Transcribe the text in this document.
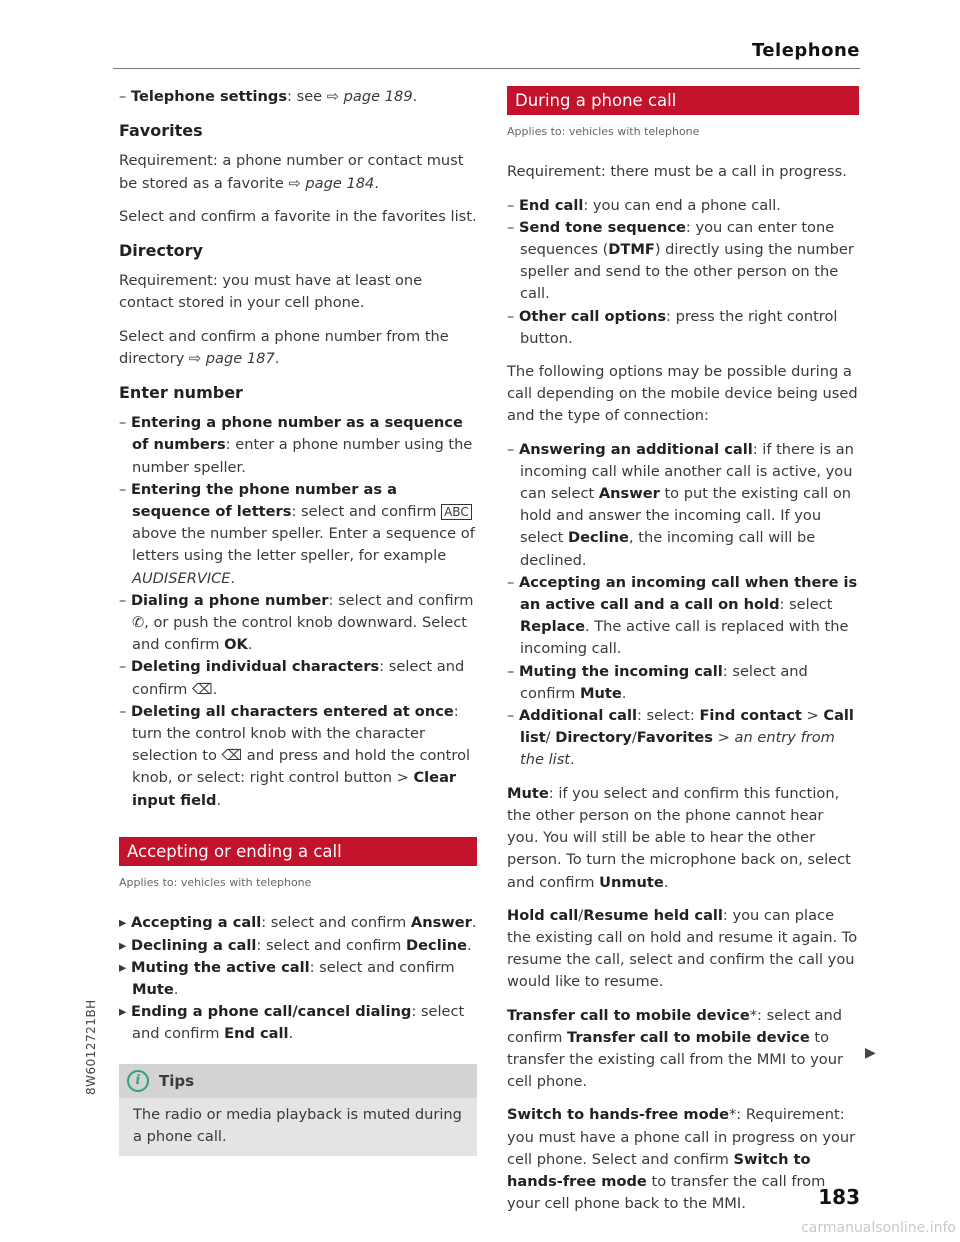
Telephone

– Telephone settings: see ⇨ page 189.

Favorites

Requirement: a phone number or contact must be stored as a favorite ⇨ page 184.

Select and confirm a favorite in the favorites list.

Directory

Requirement: you must have at least one contact stored in your cell phone.

Select and confirm a phone number from the directory ⇨ page 187.

Enter number

– Entering a phone number as a sequence of numbers: enter a phone number using the number speller.

– Entering the phone number as a sequence of letters: select and confirm ABC above the number speller. Enter a sequence of letters using the letter speller, for example AUDISERVICE.

– Dialing a phone number: select and confirm ✆, or push the control knob downward. Select and confirm OK.

– Deleting individual characters: select and confirm ⌫.

– Deleting all characters entered at once: turn the control knob with the character selection to ⌫ and press and hold the control knob, or select: right control button > Clear input field.

Accepting or ending a call
Applies to: vehicles with telephone

▸ Accepting a call: select and confirm Answer.

▸ Declining a call: select and confirm Decline.

▸ Muting the active call: select and confirm Mute.

▸ Ending a phone call/cancel dialing: select and confirm End call.

i	Tips
The radio or media playback is muted during a phone call.
During a phone call
Applies to: vehicles with telephone

Requirement: there must be a call in progress.

– End call: you can end a phone call.

– Send tone sequence: you can enter tone sequences (DTMF) directly using the number speller and send to the other person on the call.

– Other call options: press the right control button.

The following options may be possible during a call depending on the mobile device being used and the type of connection:

– Answering an additional call: if there is an incoming call while another call is active, you can select Answer to put the existing call on hold and answer the incoming call. If you select Decline, the incoming call will be declined.

– Accepting an incoming call when there is an active call and a call on hold: select Replace. The active call is replaced with the incoming call.

– Muting the incoming call: select and confirm Mute.

– Additional call: select: Find contact > Call list/ Directory/Favorites > an entry from the list.

Mute: if you select and confirm this function, the other person on the phone cannot hear you. You will still be able to hear the other person. To turn the microphone back on, select and confirm Unmute.

Hold call/Resume held call: you can place the existing call on hold and resume it again. To resume the call, select and confirm the call you would like to resume.

Transfer call to mobile device*: select and confirm Transfer call to mobile device to transfer the existing call from the MMI to your cell phone.

Switch to hands-free mode*: Requirement: you must have a phone call in progress on your cell phone. Select and confirm Switch to hands-free mode to transfer the call from your cell phone back to the MMI.

▶
8W6012721BH
183
carmanualsonline.info
